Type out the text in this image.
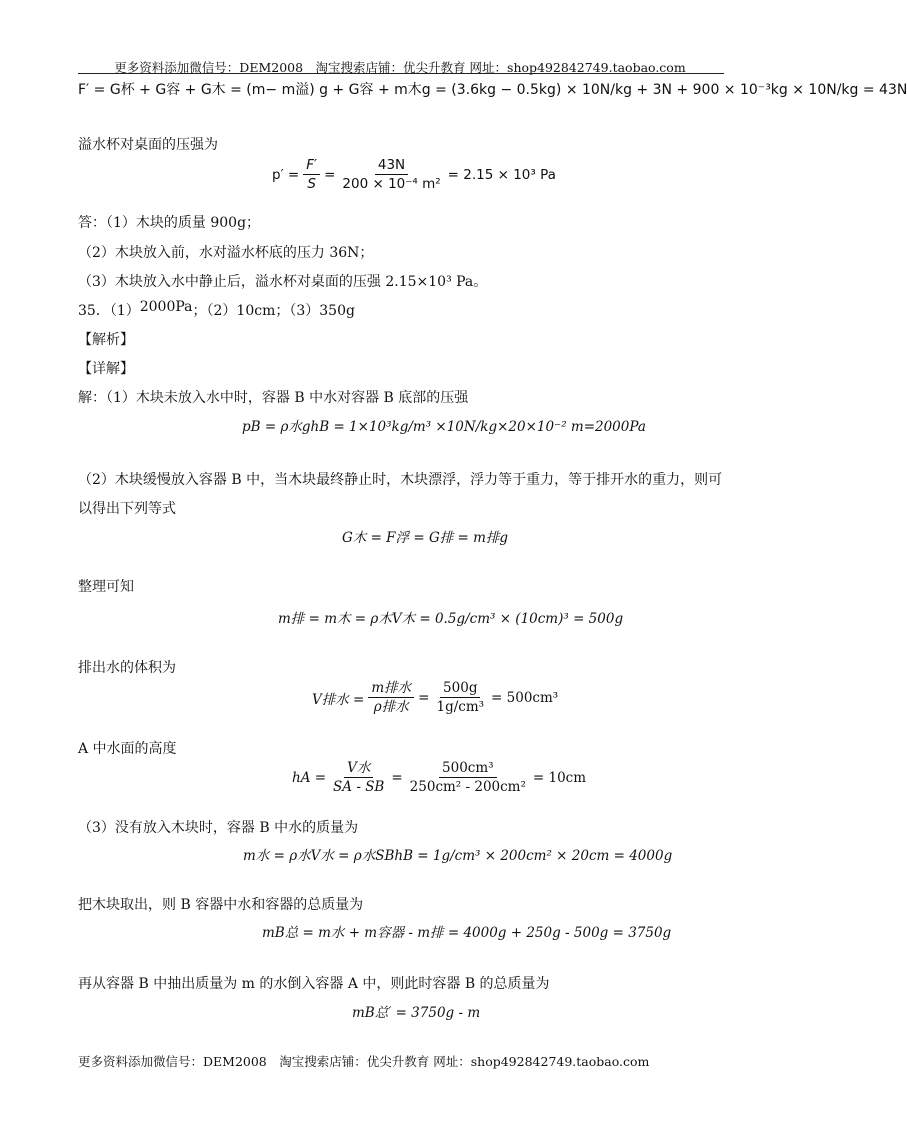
更多资料添加微信号：DEM2008　淘宝搜索店铺：优尖升教育 网址：shop492842749.taobao.com
F′ = G杯 + G容 + G木 = (m− m溢) g + G容 + m木g = (3.6kg − 0.5kg) × 10N/kg + 3N + 900 × 10⁻³kg × 10N/kg = 43N
溢水杯对桌面的压强为
$p' = \frac{F'}{S} = \frac{43N}{\text{200 × 10⁻⁴ m²}} = 2.15 \times 10^3$ Pa
答：（1）木块的质量 900g；
（2）木块放入前，水对溢水杯底的压力 36N；
（3）木块放入水中静止后，溢水杯对桌面的压强 2.15×10³ Pa。
35．（1）2000Pa；（2）10cm；（3）350g
【解析】
【详解】
解：（1）木块未放入水中时，容器 B 中水对容器 B 底部的压强
pB = ρ水ghB = 1×10³kg/m³ ×10N/kg×20×10⁻² m=2000Pa
（2）木块缓慢放入容器 B 中，当木块最终静止时，木块漂浮，浮力等于重力，等于排开水的重力，则可
以得出下列等式
G木 = F浮 = G排 = m排g
整理可知
m排 = m木 = ρ木V木 = 0.5g/cm³ × (10cm)³ = 500g
排出水的体积为
V排水 = $\frac{\text{m排水}}{\text{ρ排水}} = \frac{500g}{\text{1g/cm³}} = 500cm^3$
A 中水面的高度
hA = $\frac{\text{V水}}{SA - SB} = \frac{\text{500cm³}}{\text{250cm² - 200cm²}} = 10cm$
（3）没有放入木块时，容器 B 中水的质量为
m水 = ρ水V水 = ρ水SBhB = 1g/cm³ × 200cm² × 20cm = 4000g
把木块取出，则 B 容器中水和容器的总质量为
mB总 = m水 + m容器 - m排 = 4000g + 250g - 500g = 3750g
再从容器 B 中抽出质量为 m 的水倒入容器 A 中，则此时容器 B 的总质量为
mB总′ = 3750g - m
更多资料添加微信号：DEM2008　淘宝搜索店铺：优尖升教育 网址：shop492842749.taobao.com
